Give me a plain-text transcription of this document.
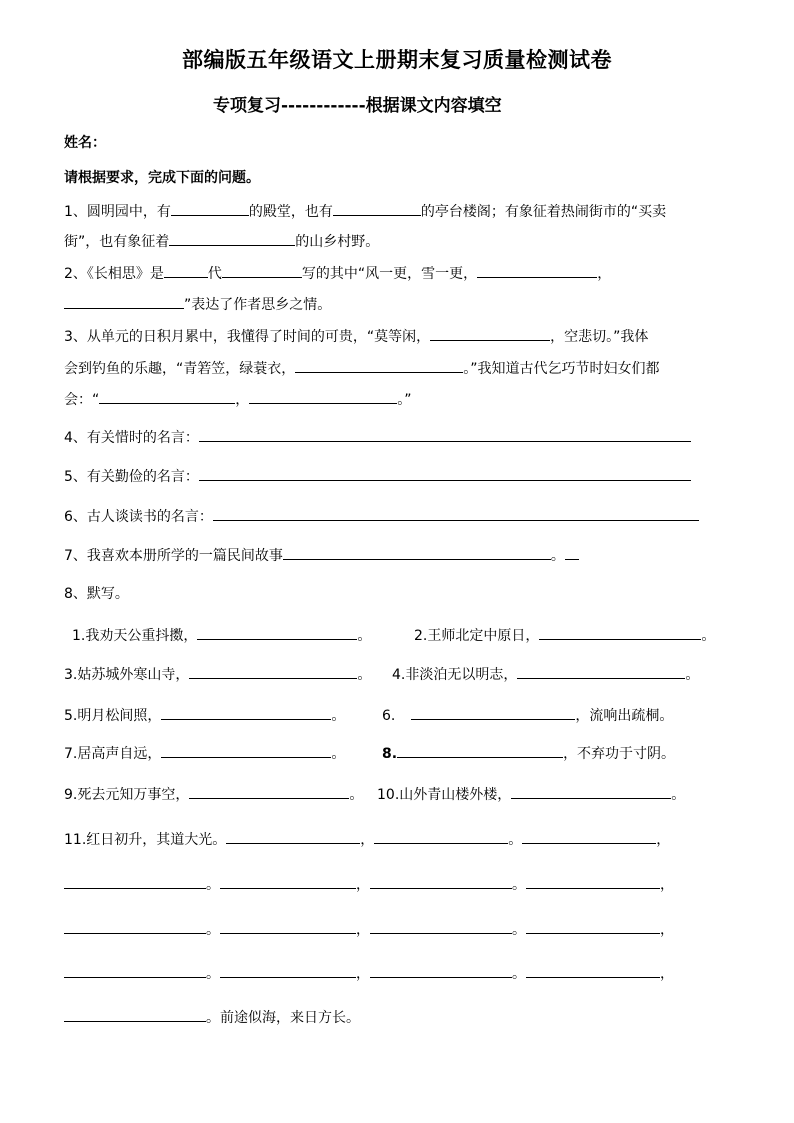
部编版五年级语文上册期末复习质量检测试卷
专项复习------------根据课文内容填空
姓名：
请根据要求，完成下面的问题。
1、圆明园中，有	的殿堂，也有	的亭台楼阁；有象征着热闹街市的“买卖
街”，也有象征着	的山乡村野。
2、《长相思》是	代	写的其中“风一更，雪一更，	，
”表达了作者思乡之情。
3、从单元的日积月累中，我懂得了时间的可贵，“莫等闲，	，空悲切。”我体
会到钓鱼的乐趣，“青箬笠，绿蓑衣，	。”我知道古代乞巧节时妇女们都
会：“	，	。”
4、有关惜时的名言：
5、有关勤俭的名言：
6、古人谈读书的名言：
7、我喜欢本册所学的一篇民间故事	。
8、默写。
1.我劝天公重抖擞，	。	2.王师北定中原日，	。
3.姑苏城外寒山寺，	。 4.非淡泊无以明志，	。
5.明月松间照，	。	6.	，流响出疏桐。
7.居高声自远，	。	8.	，不弃功于寸阴。
9.死去元知万事空，	。 10.山外青山楼外楼，	。
11.红日初升，其道大光。	，	。	，
。	，	。	，
。	，	。	，
。	，	。	，
。前途似海，来日方长。
